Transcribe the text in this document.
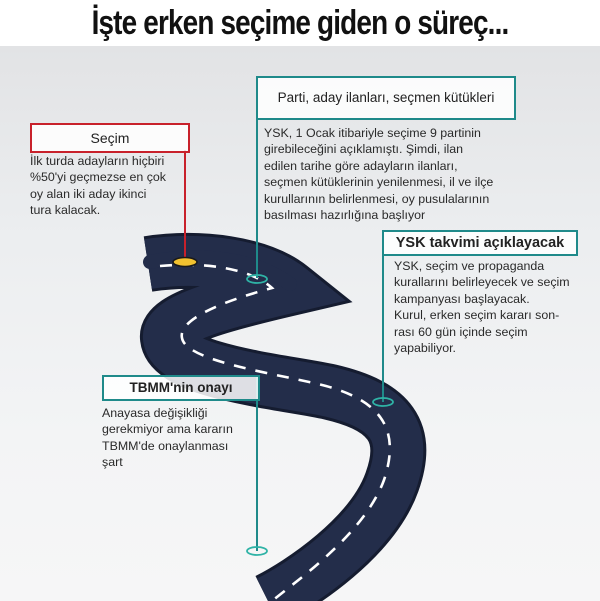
İşte erken seçime giden o süreç...
Seçim
İlk turda adayların hiçbiri
%50'yi geçmezse en çok
oy alan iki aday ikinci
tura kalacak.
Parti, aday ilanları, seçmen kütükleri
YSK, 1 Ocak itibariyle seçime 9 partinin
girebileceğini açıklamıştı. Şimdi, ilan
edilen tarihe göre adayların ilanları,
seçmen kütüklerinin yenilenmesi, il ve ilçe
kurullarının belirlenmesi, oy pusulalarının
basılması hazırlığına başlıyor
YSK takvimi açıklayacak
YSK, seçim ve propaganda
kurallarını belirleyecek ve seçim
kampanyası başlayacak.
Kurul, erken seçim kararı son-
rası 60 gün içinde seçim
yapabiliyor.
TBMM'nin onayı
Anayasa değişikliği
gerekmiyor ama kararın
TBMM'de onaylanması
şart
